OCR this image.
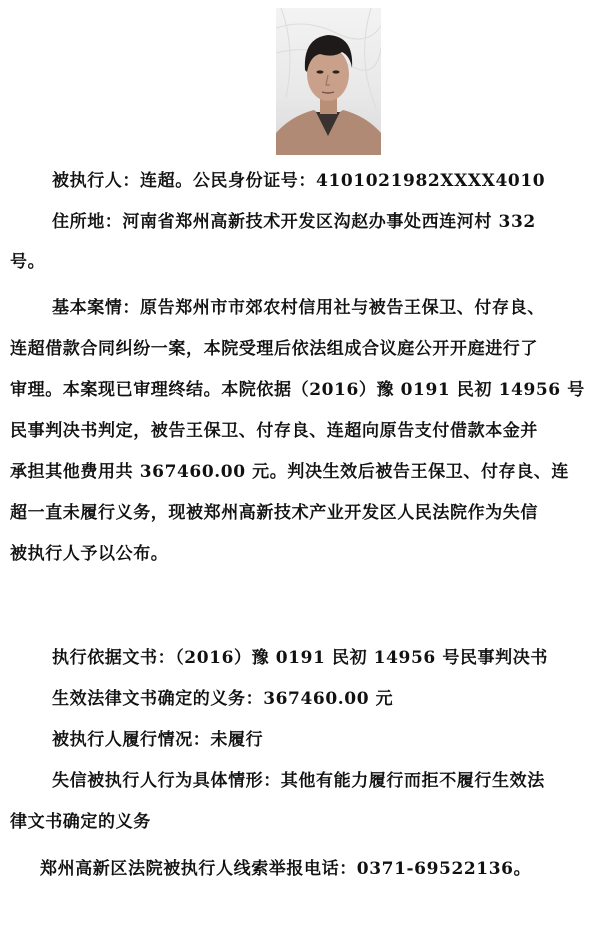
被执行人：连超。公民身份证号：4101021982XXXX4010

住所地：河南省郑州高新技术开发区沟赵办事处西连河村 332

号。

基本案情：原告郑州市市郊农村信用社与被告王保卫、付存良、

连超借款合同纠纷一案，本院受理后依法组成合议庭公开开庭进行了

审理。本案现已审理终结。本院依据（2016）豫 0191 民初 14956 号

民事判决书判定，被告王保卫、付存良、连超向原告支付借款本金并

承担其他费用共 367460.00 元。判决生效后被告王保卫、付存良、连

超一直未履行义务，现被郑州高新技术产业开发区人民法院作为失信

被执行人予以公布。

执行依据文书：（2016）豫 0191 民初 14956 号民事判决书

生效法律文书确定的义务：367460.00 元

被执行人履行情况：未履行

失信被执行人行为具体情形：其他有能力履行而拒不履行生效法

律文书确定的义务

郑州高新区法院被执行人线索举报电话：0371-69522136。
